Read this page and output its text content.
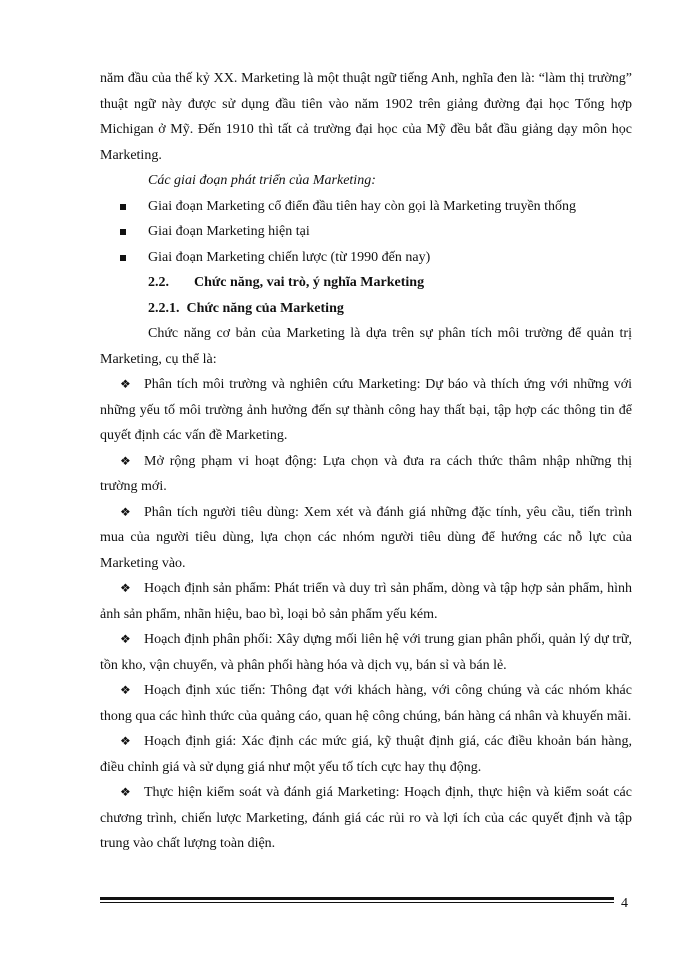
năm đầu của thế kỷ XX. Marketing là một thuật ngữ tiếng Anh, nghĩa đen là: “làm thị trường” thuật ngữ này được sử dụng đầu tiên vào năm 1902 trên giảng đường đại học Tổng hợp Michigan ở Mỹ. Đến 1910 thì tất cả trường đại học của Mỹ đều bắt đầu giảng dạy môn học Marketing.

Các giai đoạn phát triển của Marketing:

Giai đoạn Marketing cổ điển đầu tiên hay còn gọi là Marketing truyền thống

Giai đoạn Marketing hiện tại

Giai đoạn Marketing chiến lược (từ 1990 đến nay)

2.2. Chức năng, vai trò, ý nghĩa Marketing

2.2.1. Chức năng của Marketing

Chức năng cơ bản của Marketing là dựa trên sự phân tích môi trường để quản trị Marketing, cụ thể là:

❖ Phân tích môi trường và nghiên cứu Marketing: Dự báo và thích ứng với những với những yếu tố môi trường ảnh hưởng đến sự thành công hay thất bại, tập hợp các thông tin để quyết định các vấn đề Marketing.

❖ Mở rộng phạm vi hoạt động: Lựa chọn và đưa ra cách thức thâm nhập những thị trường mới.

❖ Phân tích người tiêu dùng: Xem xét và đánh giá những đặc tính, yêu cầu, tiến trình mua của người tiêu dùng, lựa chọn các nhóm người tiêu dùng để hướng các nỗ lực của Marketing vào.

❖ Hoạch định sản phẩm: Phát triển và duy trì sản phẩm, dòng và tập hợp sản phẩm, hình ảnh sản phẩm, nhãn hiệu, bao bì, loại bỏ sản phẩm yếu kém.

❖ Hoạch định phân phối: Xây dựng mối liên hệ với trung gian phân phối, quản lý dự trữ, tồn kho, vận chuyển, và phân phối hàng hóa và dịch vụ, bán sỉ và bán lẻ.

❖ Hoạch định xúc tiến: Thông đạt với khách hàng, với công chúng và các nhóm khác thong qua các hình thức của quảng cáo, quan hệ công chúng, bán hàng cá nhân và khuyến mãi.

❖ Hoạch định giá: Xác định các mức giá, kỹ thuật định giá, các điều khoản bán hàng, điều chỉnh giá và sử dụng giá như một yếu tố tích cực hay thụ động.

❖ Thực hiện kiểm soát và đánh giá Marketing: Hoạch định, thực hiện và kiểm soát các chương trình, chiến lược Marketing, đánh giá các rủi ro và lợi ích của các quyết định và tập trung vào chất lượng toàn diện.

4
